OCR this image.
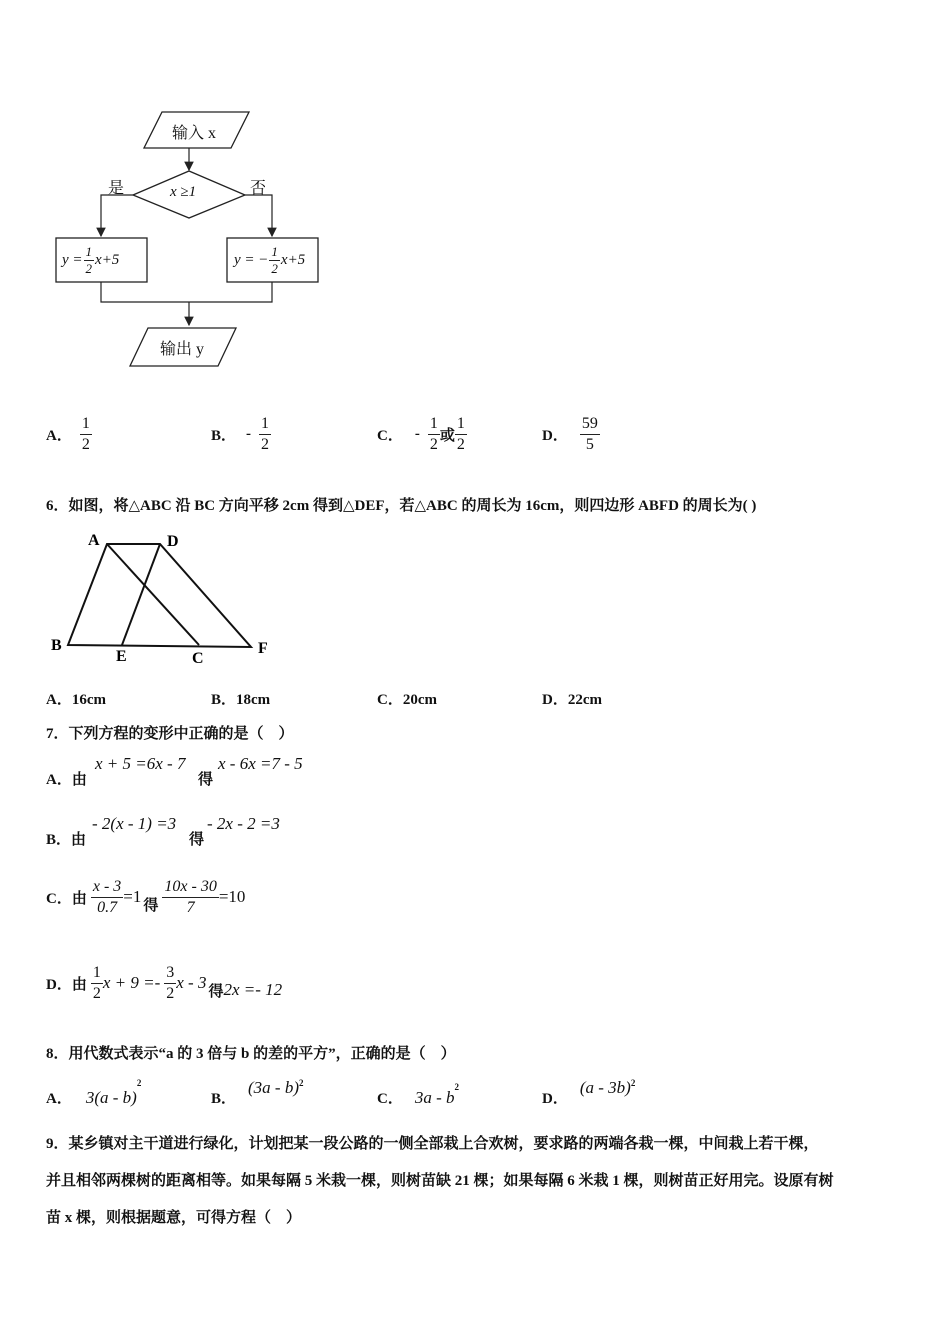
输入 x
x ≥1
是	否
$y = \frac{1}{2} x+5$	y = − $\frac{1}{2} x+5$
输出 y
A． $\frac{1}{2}$	B． - $\frac{1}{2}$	C． - $\frac{1}{2}$ 或 $\frac{1}{2}$	D． $\frac{59}{5}$
6．如图，将△ABC 沿 BC 方向平移 2cm 得到△DEF，若△ABC 的周长为 16cm，则四边形 ABFD 的周长为( )
A	D
B
E	C
F
A．16cm	B．18cm	C．20cm	D．22cm
7．下列方程的变形中正确的是（　）
A．由
x + 5 =6x - 7
得
x - 6x =7 - 5
B．由
- 2(x - 1) =3
得
- 2x - 2 =3
C．由 $\frac{x - 3}{0.7} =1$ 得 $\frac{10x - 30}{7} =10$
D．由 $\frac{1}{2}$ $x + 9 =- \frac{3}{2}$ x - 3 得 2x =- 12
8．用代数式表示“a 的 3 倍与 b 的差的平方”，正确的是（　）
A． 3(a - b)
2
B．
(3a - b)$^2$
C． 3a - b
$^2$
D．
(a - 3b)$^2$
9．某乡镇对主干道进行绿化，计划把某一段公路的一侧全部栽上合欢树，要求路的两端各栽一棵，中间栽上若干棵，
并且相邻两棵树的距离相等。如果每隔 5 米栽一棵，则树苗缺 21 棵；如果每隔 6 米栽 1 棵，则树苗正好用完。设原有树
苗 x 棵，则根据题意，可得方程（　）
